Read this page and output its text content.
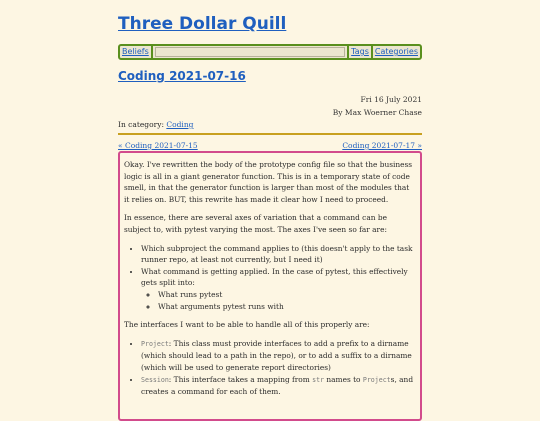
Three Dollar Quill
Beliefs	Tags Categories
Coding 2021-07-16
Fri 16 July 2021
By Max Woerner Chase
In category: Coding
« Coding 2021-07-15	Coding 2021-07-17 »

Okay. I've rewritten the body of the prototype config file so that the business logic is all in a giant generator function. This is in a temporary state of code smell, in that the generator function is larger than most of the modules that it relies on. BUT, this rewrite has made it clear how I need to proceed.

In essence, there are several axes of variation that a command can be subject to, with pytest varying the most. The axes I've seen so far are:

• Which subproject the command applies to (this doesn't apply to the task runner repo, at least not currently, but I need it)
• What command is getting applied. In the case of pytest, this effectively gets split into:
◦ What runs pytest
◦ What arguments pytest runs with

The interfaces I want to be able to handle all of this properly are:

• Project: This class must provide interfaces to add a prefix to a dirname (which should lead to a path in the repo), or to add a suffix to a dirname (which will be used to generate report directories)
• Session: This interface takes a mapping from str names to Projects, and creates a command for each of them.
